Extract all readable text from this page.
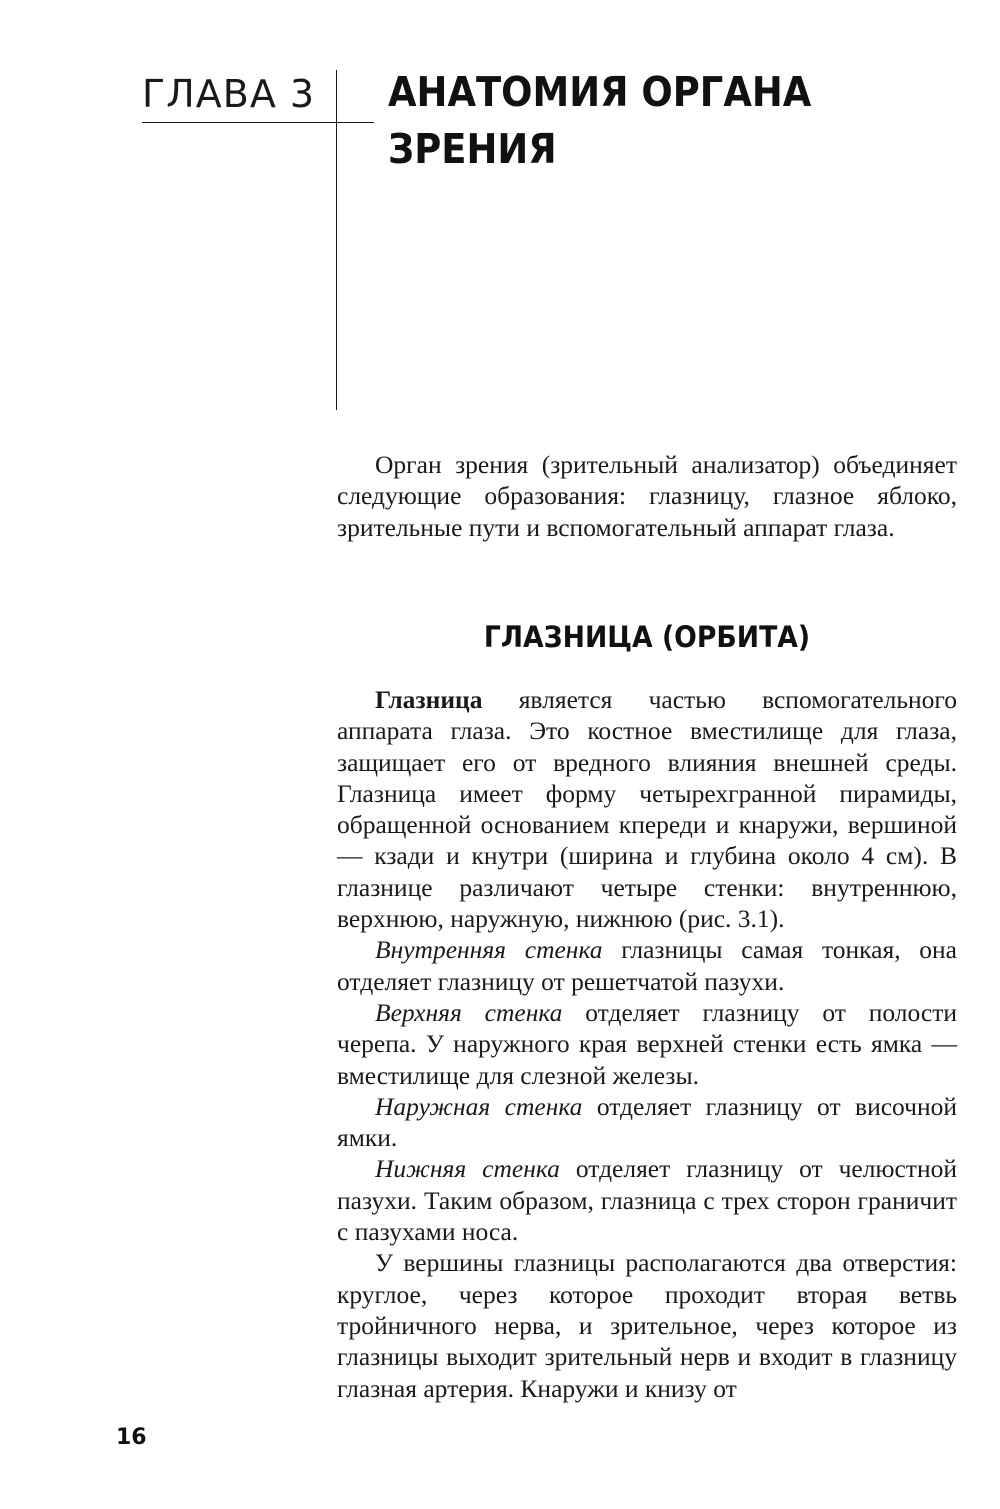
ГЛАВА 3 АНАТОМИЯ ОРГАНА
ЗРЕНИЯ

Орган зрения (зрительный анализатор) объединяет следующие образования: глазницу, глазное яблоко, зрительные пути и вспомогательный аппарат глаза.

ГЛАЗНИЦА (ОРБИТА)

Глазница является частью вспомогательного аппарата глаза. Это костное вместилище для глаза, защищает его от вредного влияния внешней среды. Глазница имеет форму четырехгранной пирамиды, обращенной основанием кпереди и кнаружи, вершиной — кзади и кнутри (ширина и глубина около 4 см). В глазнице различают четыре стенки: внутреннюю, верхнюю, наружную, нижнюю (рис. 3.1).

Внутренняя стенка глазницы самая тонкая, она отделяет глазницу от решетчатой пазухи.

Верхняя стенка отделяет глазницу от полости черепа. У наружного края верхней стенки есть ямка — вместилище для слезной железы.

Наружная стенка отделяет глазницу от височной ямки.

Нижняя стенка отделяет глазницу от челюстной пазухи. Таким образом, глазница с трех сторон граничит с пазухами носа.

У вершины глазницы располагаются два отверстия: круглое, через которое проходит вторая ветвь тройничного нерва, и зрительное, через которое из глазницы выходит зрительный нерв и входит в глазницу глазная артерия. Кнаружи и книзу от

16
